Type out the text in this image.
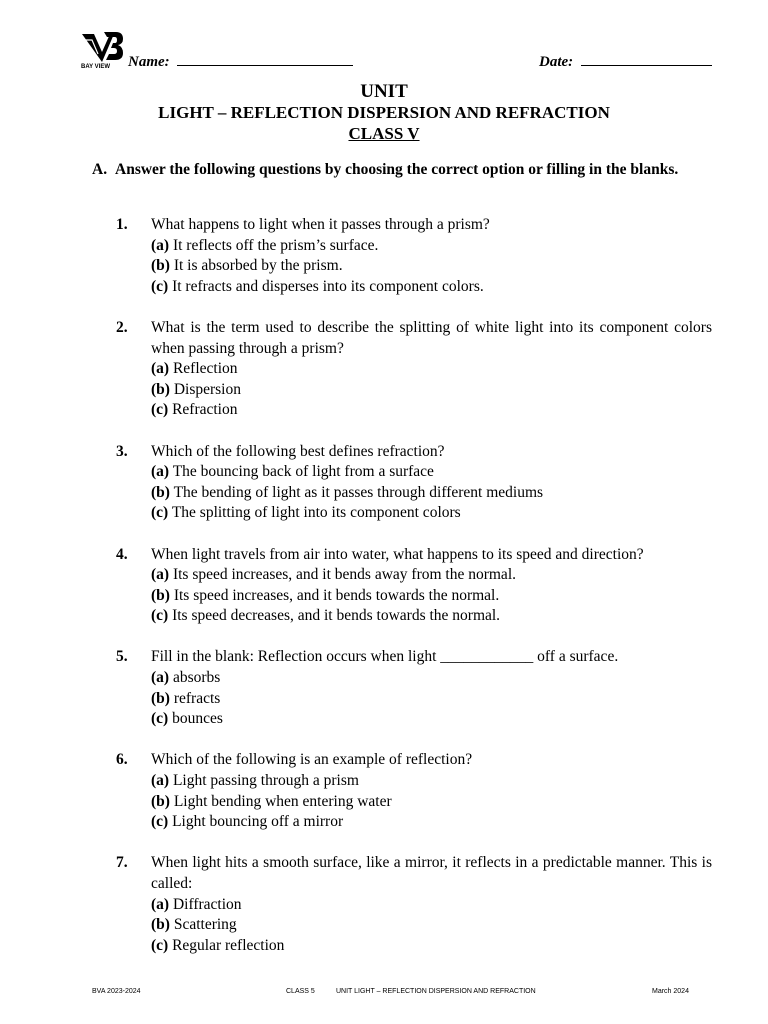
BAY VIEW Name:	Date:
UNIT
LIGHT – REFLECTION DISPERSION AND REFRACTION
CLASS V
A. Answer the following questions by choosing the correct option or filling in the blanks.
1. What happens to light when it passes through a prism?
(a) It reflects off the prism’s surface.
(b) It is absorbed by the prism.
(c) It refracts and disperses into its component colors.
2. What is the term used to describe the splitting of white light into its component colors when passing through a prism?
(a) Reflection
(b) Dispersion
(c) Refraction
3. Which of the following best defines refraction?
(a) The bouncing back of light from a surface
(b) The bending of light as it passes through different mediums
(c) The splitting of light into its component colors
4. When light travels from air into water, what happens to its speed and direction?
(a) Its speed increases, and it bends away from the normal.
(b) Its speed increases, and it bends towards the normal.
(c) Its speed decreases, and it bends towards the normal.
5. Fill in the blank: Reflection occurs when light ____________ off a surface.
(a) absorbs
(b) refracts
(c) bounces
6. Which of the following is an example of reflection?
(a) Light passing through a prism
(b) Light bending when entering water
(c) Light bouncing off a mirror
7. When light hits a smooth surface, like a mirror, it reflects in a predictable manner. This is called:
(a) Diffraction
(b) Scattering
(c) Regular reflection
BVA 2023-2024	CLASS 5	UNIT LIGHT – REFLECTION DISPERSION AND REFRACTION	March 2024
